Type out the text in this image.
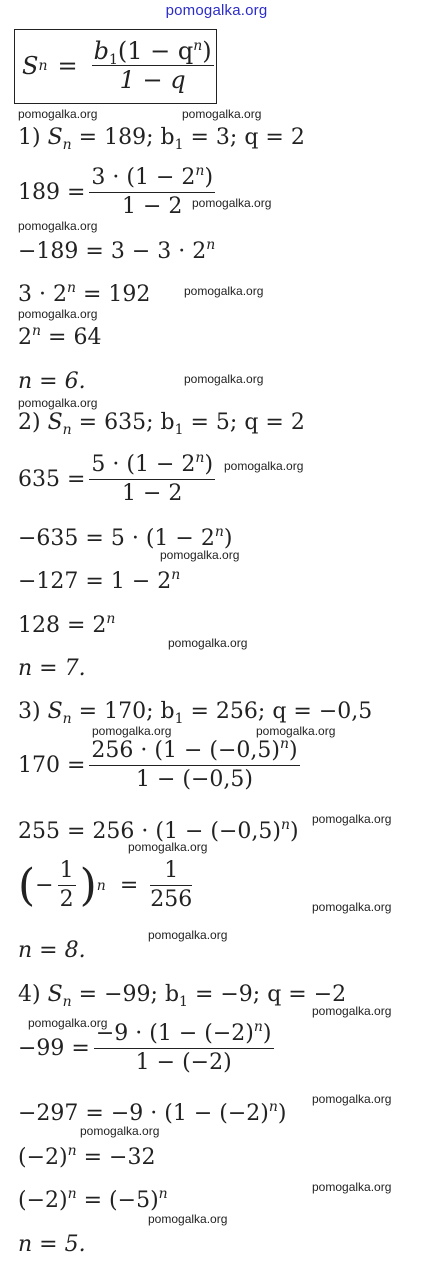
pomogalka.org
S $n = \frac{b_1(1 - q^n)}{1 - q}$
1) $S_n = 189$; $b_1 = 3$; q = 2
$189 = \frac{3 \cdot (1 - 2^n)}{1 - 2}$
$-189 = 3 - 3 \cdot 2^n$
$3 \cdot 2^n = 192$
$2^n = 64$
n = 6.
2) $S_n = 635$; $b_1 = 5$; q = 2
$635 = \frac{5 \cdot (1 - 2^n)}{1 - 2}$
$-635 = 5 \cdot (1 - 2^n)$
$-127 = 1 - 2^n$
$128 = 2^n$
n = 7.
3) $S_n = 170$; $b_1 = 256$; q = −0,5
$170 = \frac{256 \cdot (1 - (-0,5)^n)}{1 - (-0,5)}$
$255 = 256 \cdot (1 - (-0,5)^n)$
( − $\frac{1}{2}$ ) $n = \frac{1}{256}$
n = 8.
4) $S_n = -99$; $b_1 = -9$; q = −2
$-99 = \frac{-9 \cdot (1 - (-2)^n)}{1 - (-2)}$
$-297 = -9 \cdot (1 - (-2)^n)$
$(-2)^n = -32$
$(-2)^n = (-5)^n$
n = 5.
pomogalka.org
pomogalka.org
pomogalka.org
pomogalka.org
pomogalka.org
pomogalka.org
pomogalka.org
pomogalka.org
pomogalka.org
pomogalka.org
pomogalka.org
pomogalka.org	pomogalka.org
pomogalka.org
pomogalka.org
pomogalka.org
pomogalka.org
pomogalka.org
pomogalka.org
pomogalka.org
pomogalka.org
pomogalka.org
pomogalka.org
